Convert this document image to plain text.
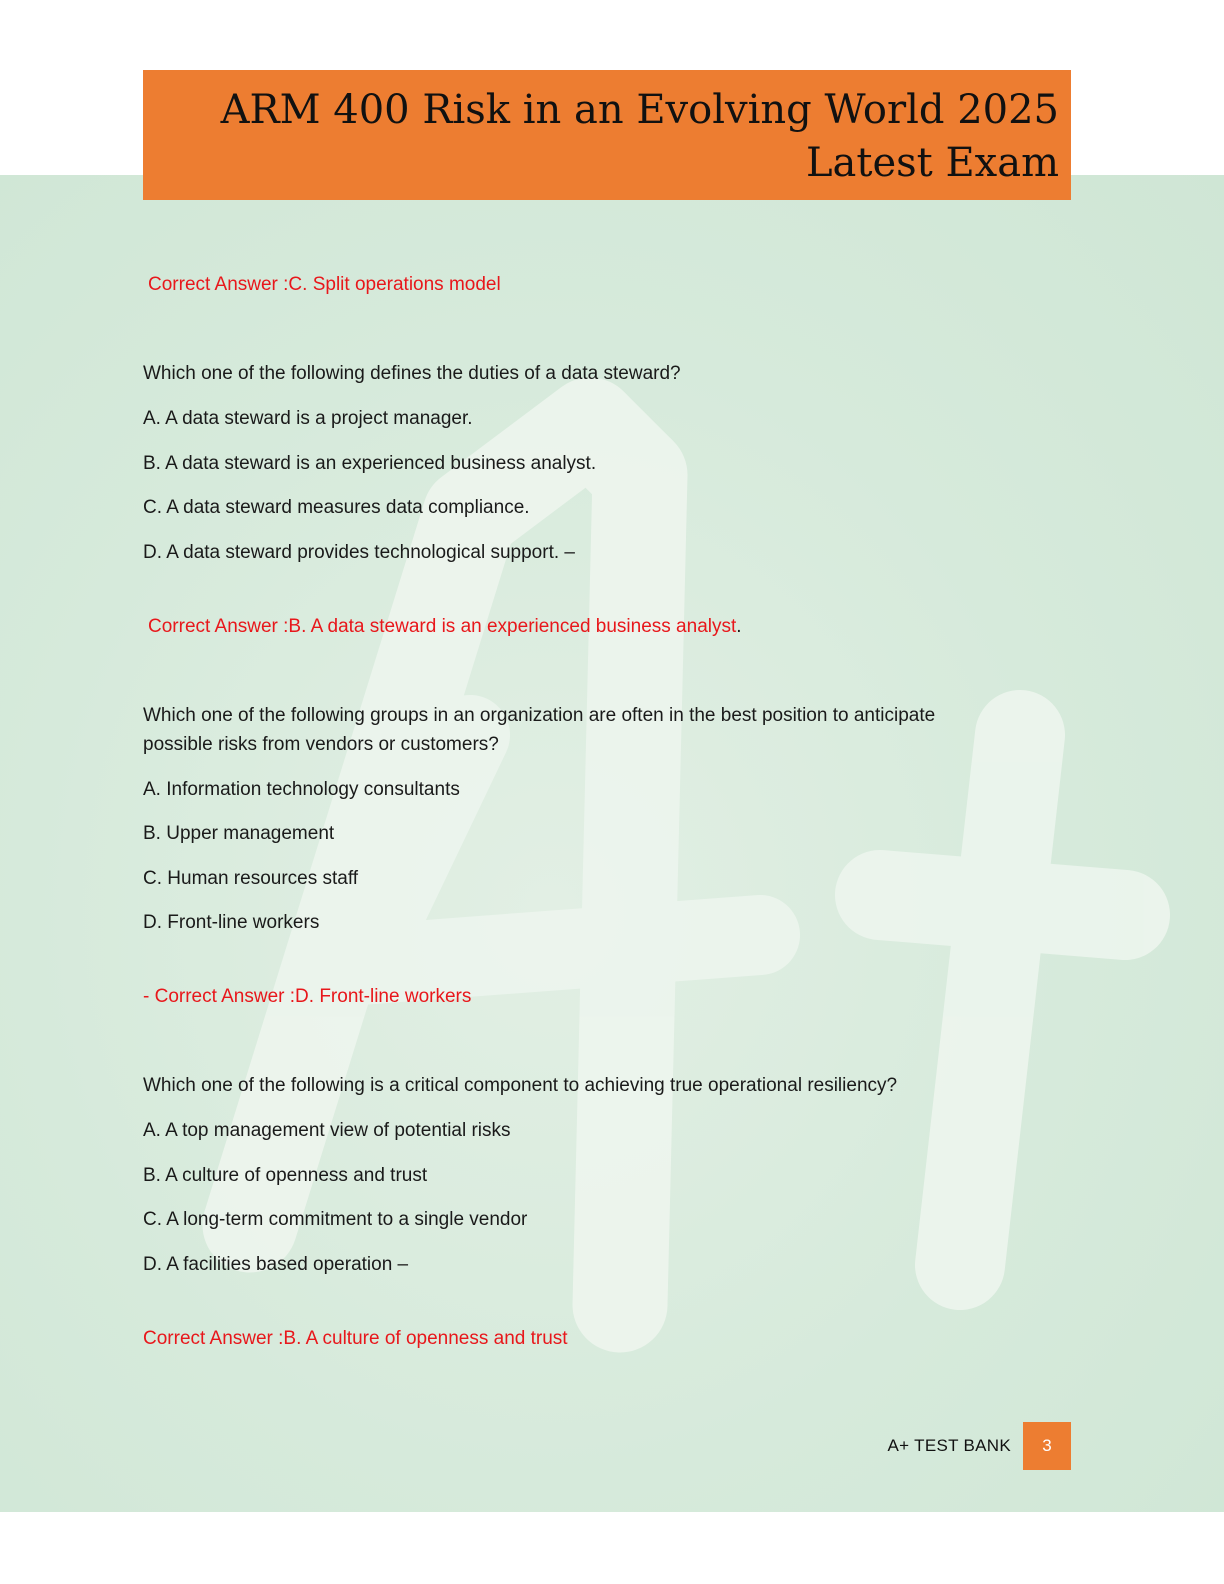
ARM 400 Risk in an Evolving World 2025
Latest Exam

Correct Answer :C. Split operations model

Which one of the following defines the duties of a data steward?

A. A data steward is a project manager.

B. A data steward is an experienced business analyst.

C. A data steward measures data compliance.

D. A data steward provides technological support. –

Correct Answer :B. A data steward is an experienced business analyst.

Which one of the following groups in an organization are often in the best position to anticipate

possible risks from vendors or customers?

A. Information technology consultants

B. Upper management

C. Human resources staff

D. Front-line workers

- Correct Answer :D. Front-line workers

Which one of the following is a critical component to achieving true operational resiliency?

A. A top management view of potential risks

B. A culture of openness and trust

C. A long-term commitment to a single vendor

D. A facilities based operation –

Correct Answer :B. A culture of openness and trust

A+ TEST BANK	3
